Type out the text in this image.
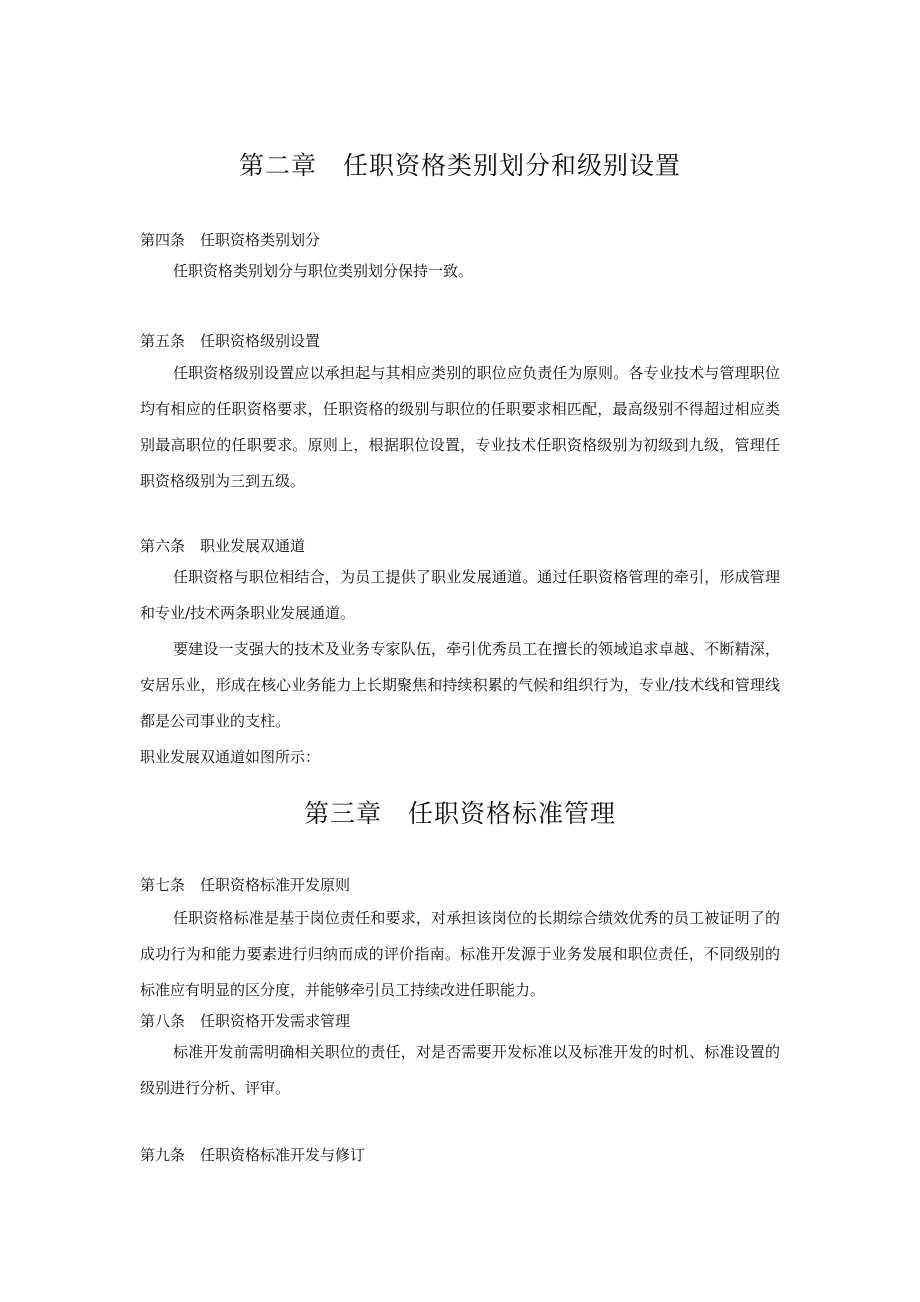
第二章　任职资格类别划分和级别设置
第四条　任职资格类别划分

任职资格类别划分与职位类别划分保持一致。

第五条　任职资格级别设置

任职资格级别设置应以承担起与其相应类别的职位应负责任为原则。各专业技术与管理职位均有相应的任职资格要求，任职资格的级别与职位的任职要求相匹配，最高级别不得超过相应类别最高职位的任职要求。原则上，根据职位设置，专业技术任职资格级别为初级到九级，管理任职资格级别为三到五级。

第六条　职业发展双通道

任职资格与职位相结合，为员工提供了职业发展通道。通过任职资格管理的牵引，形成管理和专业/技术两条职业发展通道。

要建设一支强大的技术及业务专家队伍，牵引优秀员工在擅长的领域追求卓越、不断精深，安居乐业，形成在核心业务能力上长期聚焦和持续积累的气候和组织行为，专业/技术线和管理线都是公司事业的支柱。

职业发展双通道如图所示：

第三章　任职资格标准管理
第七条　任职资格标准开发原则

任职资格标准是基于岗位责任和要求，对承担该岗位的长期综合绩效优秀的员工被证明了的成功行为和能力要素进行归纳而成的评价指南。标准开发源于业务发展和职位责任，不同级别的标准应有明显的区分度，并能够牵引员工持续改进任职能力。

第八条　任职资格开发需求管理

标准开发前需明确相关职位的责任，对是否需要开发标准以及标准开发的时机、标准设置的级别进行分析、评审。

第九条　任职资格标准开发与修订
